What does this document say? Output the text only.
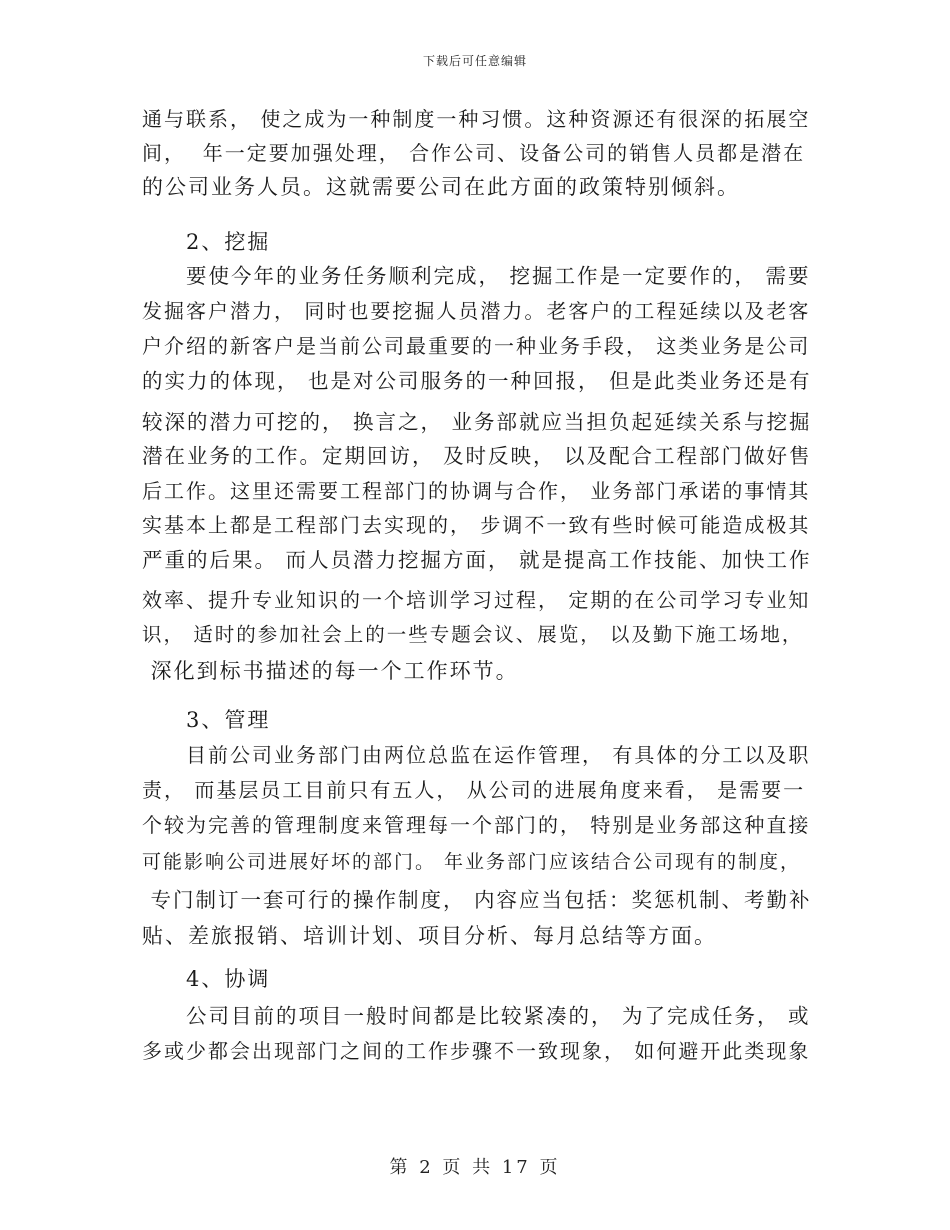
下载后可任意编辑
通与联系， 使之成为一种制度一种习惯。这种资源还有很深的拓展空
间，  年一定要加强处理， 合作公司、设备公司的销售人员都是潜在
的公司业务人员。这就需要公司在此方面的政策特别倾斜。
2、挖掘
要使今年的业务任务顺利完成， 挖掘工作是一定要作的， 需要
发掘客户潜力， 同时也要挖掘人员潜力。老客户的工程延续以及老客
户介绍的新客户是当前公司最重要的一种业务手段， 这类业务是公司
的实力的体现， 也是对公司服务的一种回报， 但是此类业务还是有
较深的潜力可挖的， 换言之， 业务部就应当担负起延续关系与挖掘
潜在业务的工作。定期回访， 及时反映， 以及配合工程部门做好售
后工作。这里还需要工程部门的协调与合作， 业务部门承诺的事情其
实基本上都是工程部门去实现的， 步调不一致有些时候可能造成极其
严重的后果。 而人员潜力挖掘方面， 就是提高工作技能、加快工作
效率、提升专业知识的一个培训学习过程， 定期的在公司学习专业知
识， 适时的参加社会上的一些专题会议、展览， 以及勤下施工场地，
深化到标书描述的每一个工作环节。
3、管理
目前公司业务部门由两位总监在运作管理， 有具体的分工以及职
责， 而基层员工目前只有五人， 从公司的进展角度来看， 是需要一
个较为完善的管理制度来管理每一个部门的， 特别是业务部这种直接
可能影响公司进展好坏的部门。 年业务部门应该结合公司现有的制度，
专门制订一套可行的操作制度， 内容应当包括：奖惩机制、考勤补
贴、差旅报销、培训计划、项目分析、每月总结等方面。
4、协调
公司目前的项目一般时间都是比较紧凑的， 为了完成任务， 或
多或少都会出现部门之间的工作步骤不一致现象， 如何避开此类现象
第 2 页 共 17 页
